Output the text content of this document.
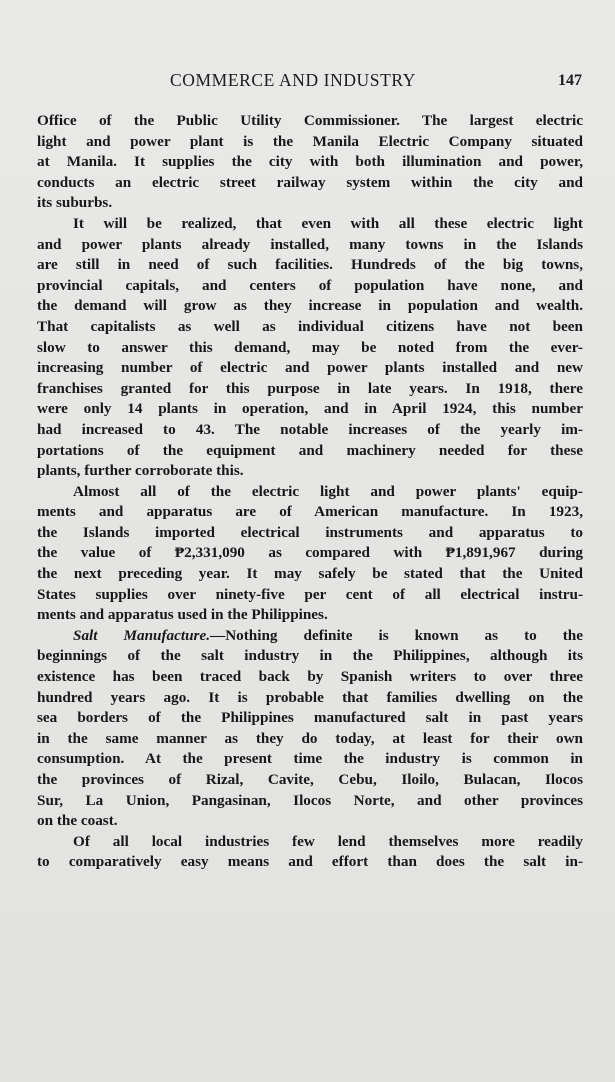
COMMERCE AND INDUSTRY	147

Office of the Public Utility Commissioner. The largest electric
light and power plant is the Manila Electric Company situated
at Manila. It supplies the city with both illumination and power,
conducts an electric street railway system within the city and
its suburbs.

It will be realized, that even with all these electric light
and power plants already installed, many towns in the Islands
are still in need of such facilities. Hundreds of the big towns,
provincial capitals, and centers of population have none, and
the demand will grow as they increase in population and wealth.
That capitalists as well as individual citizens have not been
slow to answer this demand, may be noted from the ever-
increasing number of electric and power plants installed and new
franchises granted for this purpose in late years. In 1918, there
were only 14 plants in operation, and in April 1924, this number
had increased to 43. The notable increases of the yearly im-
portations of the equipment and machinery needed for these
plants, further corroborate this.

Almost all of the electric light and power plants' equip-
ments and apparatus are of American manufacture. In 1923,
the Islands imported electrical instruments and apparatus to
the value of ₱2,331,090 as compared with ₱1,891,967 during
the next preceding year. It may safely be stated that the United
States supplies over ninety-five per cent of all electrical instru-
ments and apparatus used in the Philippines.

Salt Manufacture.—Nothing definite is known as to the
beginnings of the salt industry in the Philippines, although its
existence has been traced back by Spanish writers to over three
hundred years ago. It is probable that families dwelling on the
sea borders of the Philippines manufactured salt in past years
in the same manner as they do today, at least for their own
consumption. At the present time the industry is common in
the provinces of Rizal, Cavite, Cebu, Iloilo, Bulacan, Ilocos
Sur, La Union, Pangasinan, Ilocos Norte, and other provinces
on the coast.

Of all local industries few lend themselves more readily
to comparatively easy means and effort than does the salt in-
